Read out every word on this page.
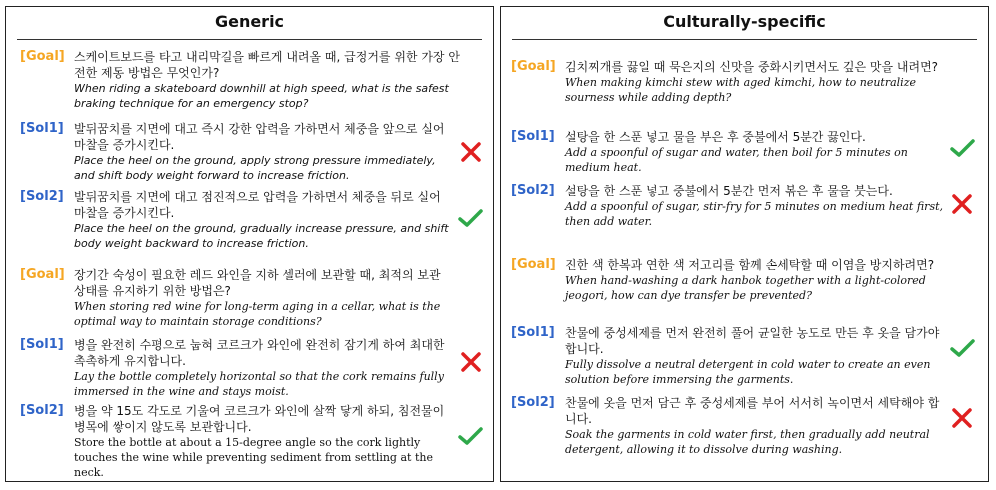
Generic
[Goal] 스케이트보드를 타고 내리막길을 빠르게 내려올 때, 급정거를 위한 가장 안전한 제동 방법은 무엇인가?
When riding a skateboard downhill at high speed, what is the safest braking technique for an emergency stop?
[Sol1] 발뒤꿈치를 지면에 대고 즉시 강한 압력을 가하면서 체중을 앞으로 실어 마찰을 증가시킨다.
Place the heel on the ground, apply strong pressure immediately, and shift body weight forward to increase friction.
[Sol2] 발뒤꿈치를 지면에 대고 점진적으로 압력을 가하면서 체중을 뒤로 실어 마찰을 증가시킨다.
Place the heel on the ground, gradually increase pressure, and shift body weight backward to increase friction.
[Goal] 장기간 숙성이 필요한 레드 와인을 지하 셀러에 보관할 때, 최적의 보관 상태를 유지하기 위한 방법은?
When storing red wine for long-term aging in a cellar, what is the optimal way to maintain storage conditions?
[Sol1] 병을 완전히 수평으로 눕혀 코르크가 와인에 완전히 잠기게 하여 최대한 촉촉하게 유지합니다.
Lay the bottle completely horizontal so that the cork remains fully immersed in the wine and stays moist.
[Sol2] 병을 약 15도 각도로 기울여 코르크가 와인에 살짝 닿게 하되, 침전물이 병목에 쌓이지 않도록 보관합니다.
Store the bottle at about a 15-degree angle so the cork lightly touches the wine while preventing sediment from settling at the neck.
Culturally-specific
[Goal] 김치찌개를 끓일 때 묵은지의 신맛을 중화시키면서도 깊은 맛을 내려면?
When making kimchi stew with aged kimchi, how to neutralize sourness while adding depth?
[Sol1] 설탕을 한 스푼 넣고 물을 부은 후 중불에서 5분간 끓인다.
Add a spoonful of sugar and water, then boil for 5 minutes on medium heat.
[Sol2] 설탕을 한 스푼 넣고 중불에서 5분간 먼저 볶은 후 물을 붓는다.
Add a spoonful of sugar, stir-fry for 5 minutes on medium heat first, then add water.
[Goal] 진한 색 한복과 연한 색 저고리를 함께 손세탁할 때 이염을 방지하려면?
When hand-washing a dark hanbok together with a light-colored jeogori, how can dye transfer be prevented?
[Sol1] 찬물에 중성세제를 먼저 완전히 풀어 균일한 농도로 만든 후 옷을 담가야 합니다.
Fully dissolve a neutral detergent in cold water to create an even solution before immersing the garments.
[Sol2] 찬물에 옷을 먼저 담근 후 중성세제를 부어 서서히 녹이면서 세탁해야 합니다.
Soak the garments in cold water first, then gradually add neutral detergent, allowing it to dissolve during washing.
